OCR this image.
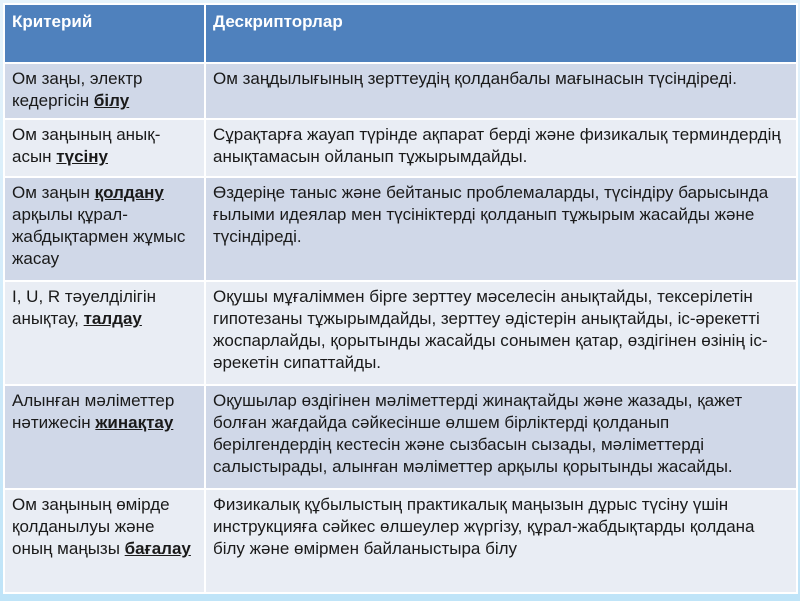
Критерий	Дескрипторлар
Ом заңы, электр кедергісін білу	Ом заңдылығының зерттеудің қолданбалы мағынасын түсіндіреді.
Ом заңының анық-асын түсіну	Сұрақтарға жауап түрінде ақпарат берді және физикалық терминдердің анықтамасын ойланып тұжырымдайды.
Ом заңын қолдану арқылы құрал-жабдықтармен жұмыс жасау	Өздеріңе таныс және бейтаныс проблемаларды, түсіндіру барысында ғылыми идеялар мен түсініктерді қолданып тұжырым жасайды және түсіндіреді.
I, U, R тәуелділігін анықтау, талдау	Оқушы мұғаліммен бірге зерттеу мәселесін анықтайды, тексерілетін гипотезаны тұжырымдайды, зерттеу әдістерін анықтайды, іс-әрекетті жоспарлайды, қорытынды жасайды сонымен қатар, өздігінен өзінің іс-әрекетін сипаттайды.
Алынған мәліметтер нәтижесін жинақтау	Оқушылар өздігінен мәліметтерді жинақтайды және жазады, қажет болған жағдайда сәйкесінше өлшем бірліктерді қолданып берілгендердің кестесін және сызбасын сызады, мәліметтерді салыстырады, алынған мәліметтер арқылы қорытынды жасайды.
Ом заңының өмірде қолданылуы және оның маңызы бағалау	Физикалық құбылыстың практикалық маңызын дұрыс түсіну үшін инструкцияға сәйкес өлшеулер жүргізу, құрал-жабдықтарды қолдана білу және өмірмен байланыстыра білу
